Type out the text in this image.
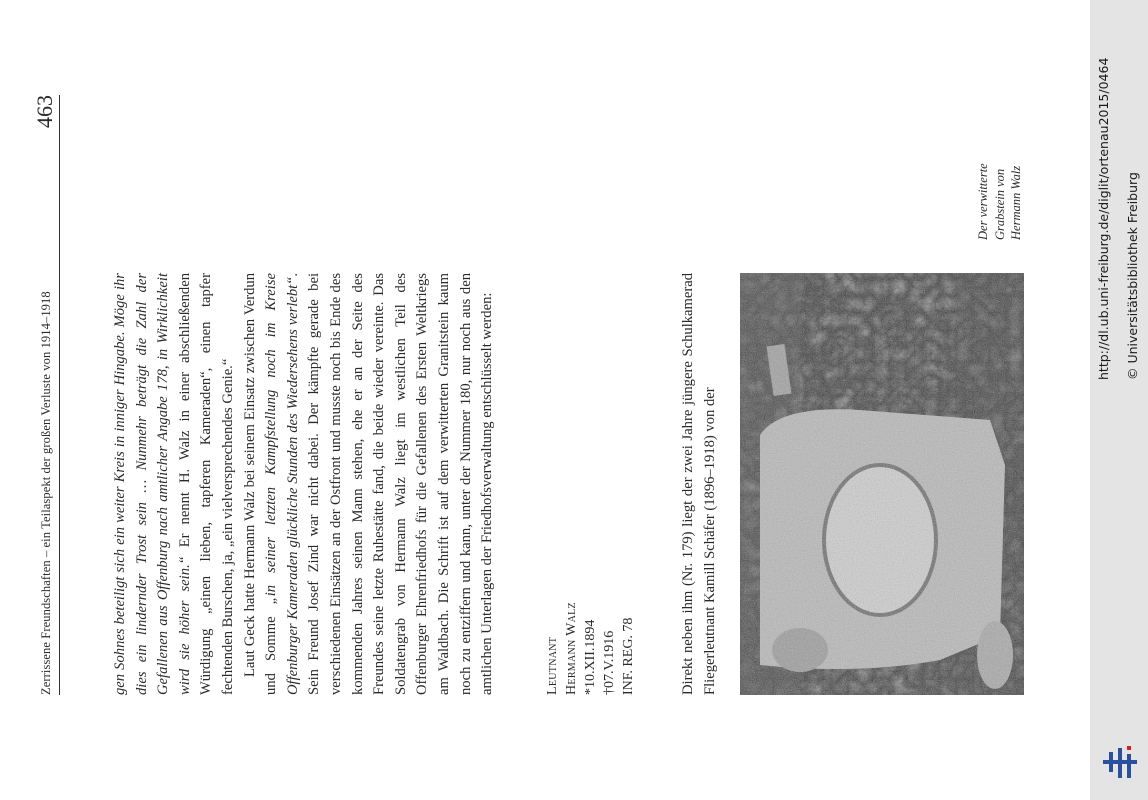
Zerrissene Freundschaften – ein Teilaspekt der großen Verluste von 1914–1918
463

gen Sohnes beteiligt sich ein weiter Kreis in inniger Hingabe. Möge ihr dies ein lindernder Trost sein … Nunmehr beträgt die Zahl der Gefallenen aus Offenburg nach amtlicher Angabe 178, in Wirklichkeit wird sie höher sein.“ Er nennt H. Walz in einer abschließenden Würdigung „einen lieben, tapferen Kameraden“, einen tapfer fechtenden Burschen, ja, „ein vielversprechendes Genie.“ Laut Geck hatte Hermann Walz bei seinem Einsatz zwischen Verdun und Somme „in seiner letzten Kampfstellung noch im Kreise Offenburger Kameraden glückliche Stunden des Wiedersehens verlebt“. Sein Freund Josef Zind war nicht dabei. Der kämpfte gerade bei verschiedenen Einsätzen an der Ostfront und musste noch bis Ende des kommenden Jahres seinen Mann stehen, ehe er an der Seite des Freundes seine letzte Ruhestätte fand, die beide wieder vereinte. Das Soldatengrab von Hermann Walz liegt im westlichen Teil des Offenburger Ehrenfriedhofs für die Gefallenen des Ersten Weltkriegs am Waldbach. Die Schrift ist auf dem verwitterten Granitstein kaum noch zu entziffern und kann, unter der Nummer 180, nur noch aus den amtlichen Unterlagen der Friedhofsverwaltung entschlüsselt werden:	Leutnant Hermann Walz *10.XII.1894 †07.V.1916 INF. REG. 78	Direkt neben ihm (Nr. 179) liegt der zwei Jahre jüngere Schulkamerad Fliegerleutnant Kamill Schäfer (1896–1918) von der

Der verwitterte Grabstein von Hermann Walz	http://dl.ub.uni-freiburg.de/diglit/ortenau2015/0464 © Universitätsbibliothek Freiburg
